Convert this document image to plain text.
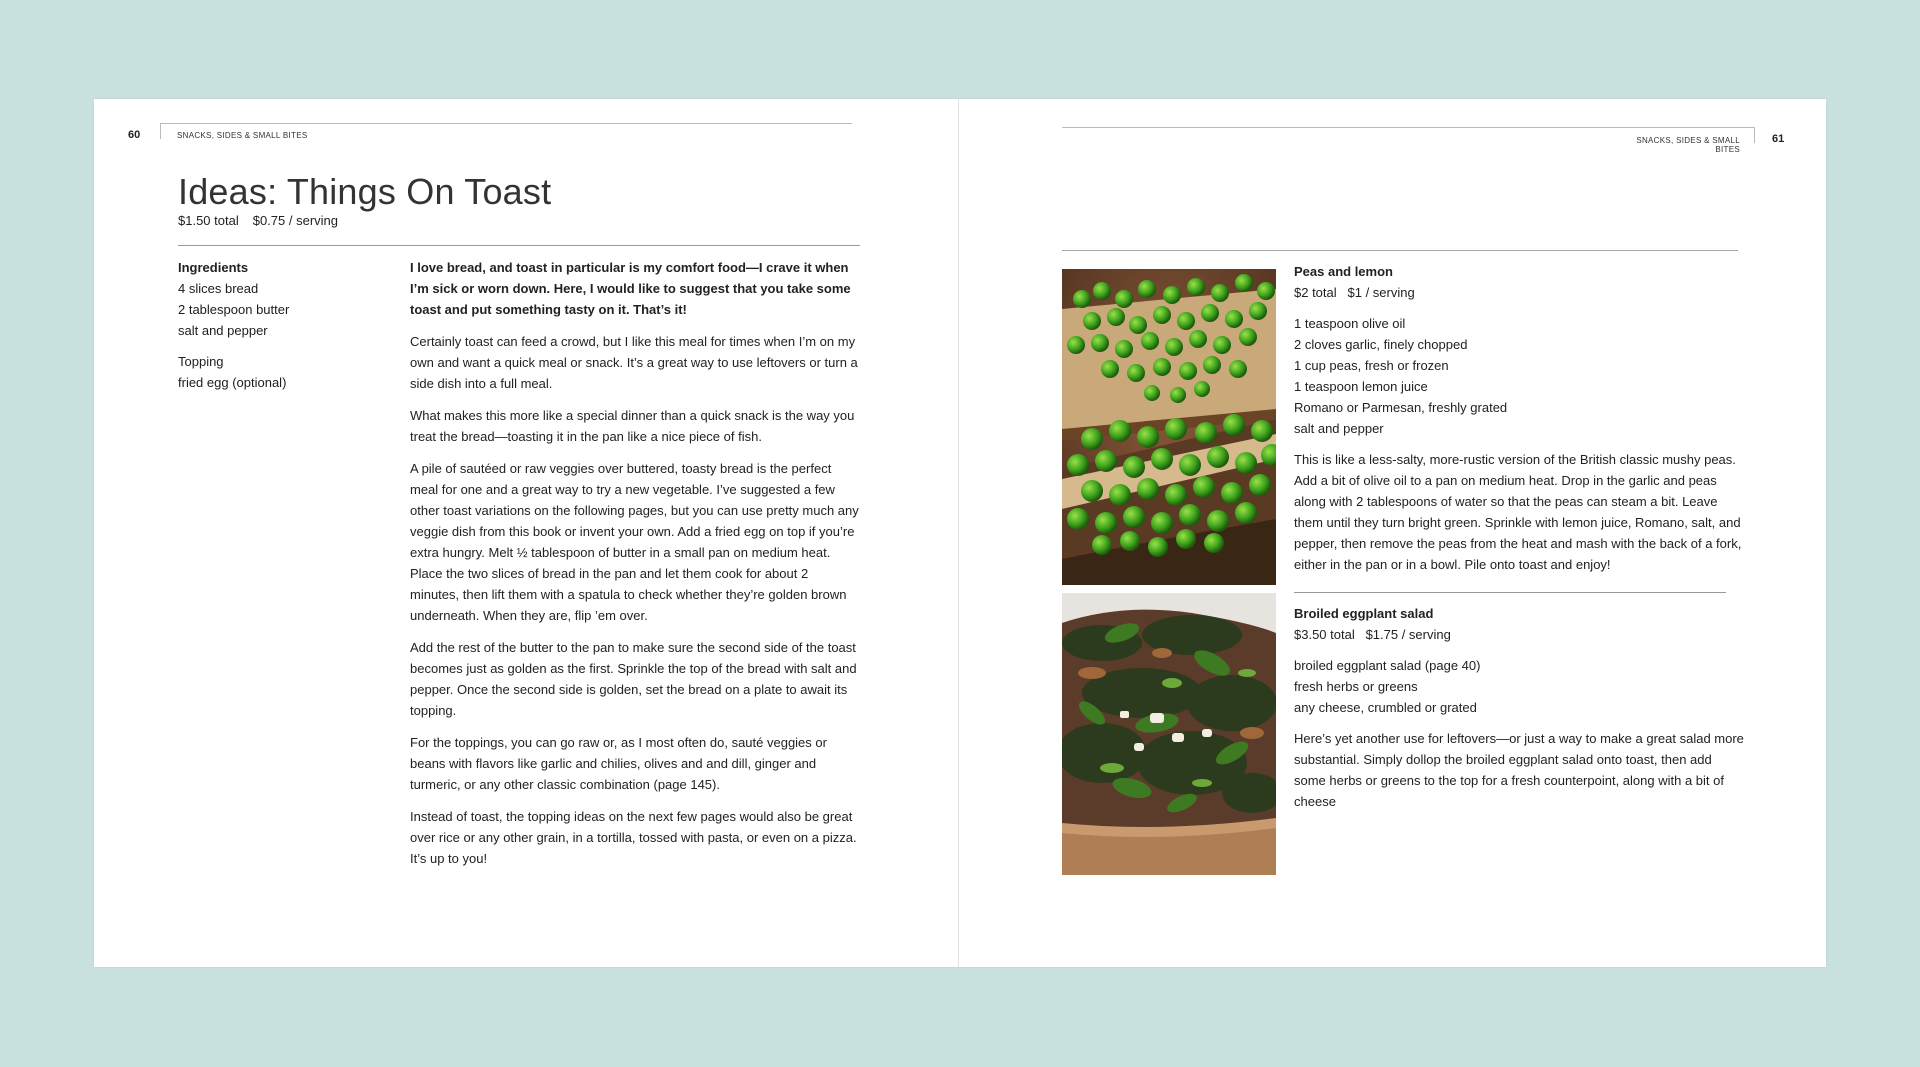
60	SNACKS, SIDES & SMALL BITES
Ideas: Things On Toast
$1.50 total $0.75 / serving
Ingredients
4 slices bread
2 tablespoon butter
salt and pepper
Topping
fried egg (optional)

I love bread, and toast in particular is my comfort food—I crave it when I’m sick or worn down. Here, I would like to suggest that you take some toast and put something tasty on it. That’s it!

Certainly toast can feed a crowd, but I like this meal for times when I’m on my own and want a quick meal or snack. It’s a great way to use leftovers or turn a side dish into a full meal.

What makes this more like a special dinner than a quick snack is the way you treat the bread—toasting it in the pan like a nice piece of fish.

A pile of sautéed or raw veggies over buttered, toasty bread is the perfect meal for one and a great way to try a new vegetable. I’ve suggested a few other toast variations on the following pages, but you can use pretty much any veggie dish from this book or invent your own. Add a fried egg on top if you’re extra hungry. Melt ½ tablespoon of butter in a small pan on medium heat. Place the two slices of bread in the pan and let them cook for about 2 minutes, then lift them with a spatula to check whether they’re golden brown underneath. When they are, flip ’em over.

Add the rest of the butter to the pan to make sure the second side of the toast becomes just as golden as the first. Sprinkle the top of the bread with salt and pepper. Once the second side is golden, set the bread on a plate to await its topping.

For the toppings, you can go raw or, as I most often do, sauté veggies or beans with flavors like garlic and chilies, olives and and dill, ginger and turmeric, or any other classic combination (page 145).

Instead of toast, the topping ideas on the next few pages would also be great over rice or any other grain, in a tortilla, tossed with pasta, or even on a pizza. It’s up to you!

SNACKS, SIDES & SMALL BITES
61
Peas and lemon
$2 total $1 / serving
1 teaspoon olive oil
2 cloves garlic, finely chopped
1 cup peas, fresh or frozen
1 teaspoon lemon juice
Romano or Parmesan, freshly grated
salt and pepper
This is like a less-salty, more-rustic version of the British classic mushy peas. Add a bit of olive oil to a pan on medium heat. Drop in the garlic and peas along with 2 tablespoons of water so that the peas can steam a bit. Leave them until they turn bright green. Sprinkle with lemon juice, Romano, salt, and pepper, then remove the peas from the heat and mash with the back of a fork, either in the pan or in a bowl. Pile onto toast and enjoy!
Broiled eggplant salad
$3.50 total $1.75 / serving
broiled eggplant salad (page 40)
fresh herbs or greens
any cheese, crumbled or grated
Here’s yet another use for leftovers—or just a way to make a great salad more substantial. Simply dollop the broiled eggplant salad onto toast, then add some herbs or greens to the top for a fresh counterpoint, along with a bit of cheese
